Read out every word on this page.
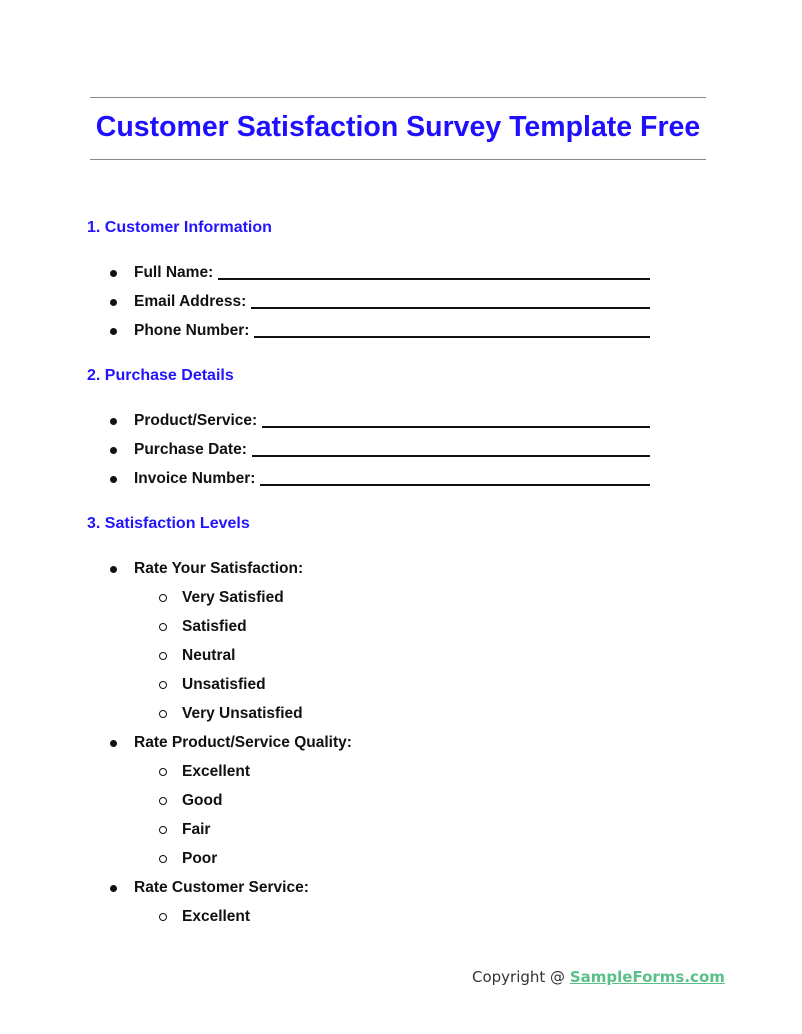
Customer Satisfaction Survey Template Free
1. Customer Information
Full Name:
Email Address:
Phone Number:
2. Purchase Details
Product/Service:
Purchase Date:
Invoice Number:
3. Satisfaction Levels
Rate Your Satisfaction:
Very Satisfied
Satisfied
Neutral
Unsatisfied
Very Unsatisfied
Rate Product/Service Quality:
Excellent
Good
Fair
Poor
Rate Customer Service:
Excellent
Copyright @ SampleForms.com
